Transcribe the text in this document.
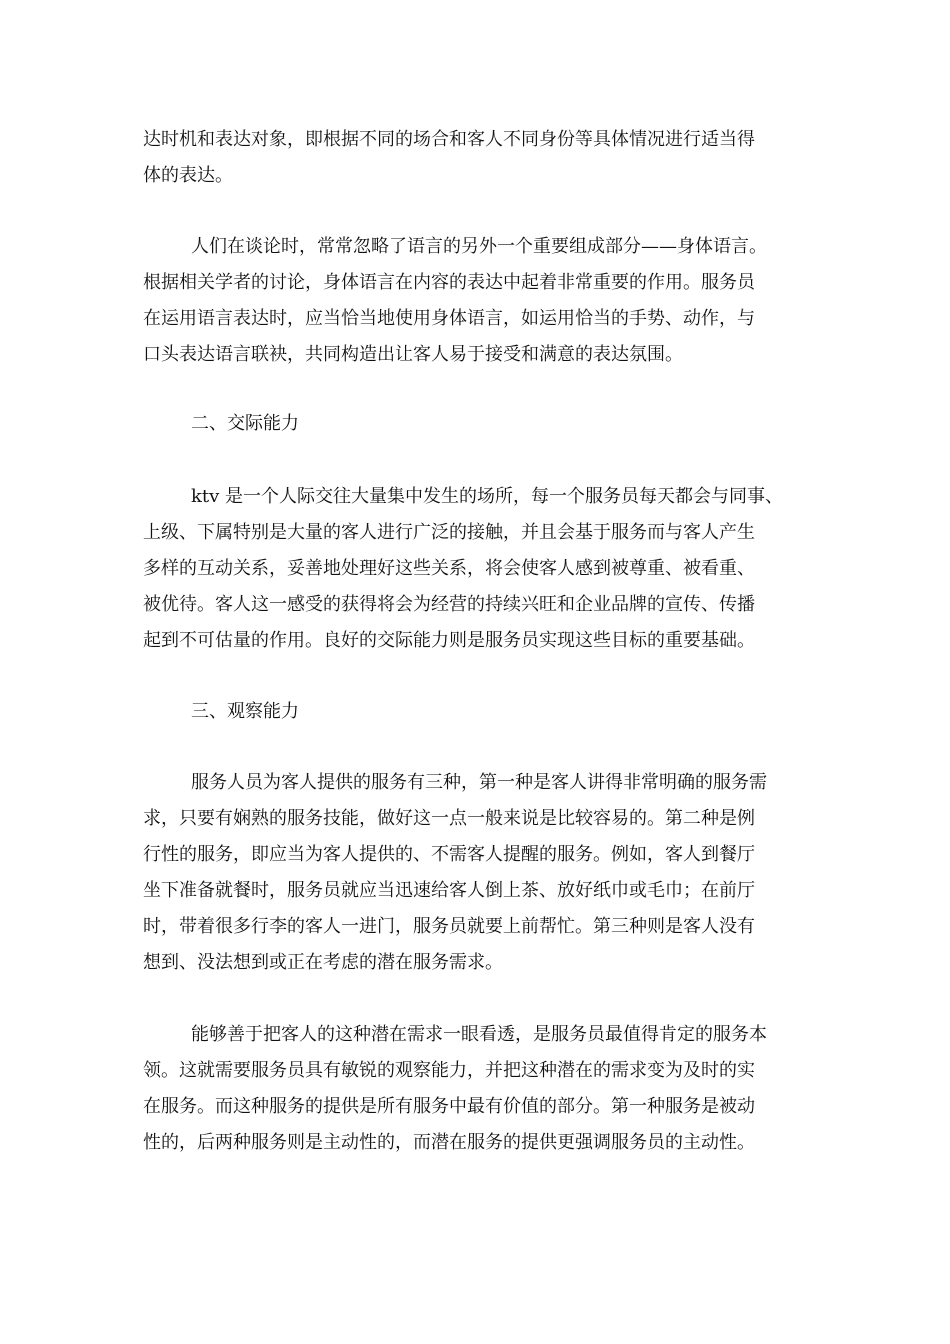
达时机和表达对象，即根据不同的场合和客人不同身份等具体情况进行适当得
体的表达。
人们在谈论时，常常忽略了语言的另外一个重要组成部分——身体语言。
根据相关学者的讨论，身体语言在内容的表达中起着非常重要的作用。服务员
在运用语言表达时，应当恰当地使用身体语言，如运用恰当的手势、动作，与
口头表达语言联袂，共同构造出让客人易于接受和满意的表达氛围。
二、交际能力
ktv 是一个人际交往大量集中发生的场所，每一个服务员每天都会与同事、
上级、下属特别是大量的客人进行广泛的接触，并且会基于服务而与客人产生
多样的互动关系，妥善地处理好这些关系，将会使客人感到被尊重、被看重、
被优待。客人这一感受的获得将会为经营的持续兴旺和企业品牌的宣传、传播
起到不可估量的作用。良好的交际能力则是服务员实现这些目标的重要基础。
三、观察能力
服务人员为客人提供的服务有三种，第一种是客人讲得非常明确的服务需
求，只要有娴熟的服务技能，做好这一点一般来说是比较容易的。第二种是例
行性的服务，即应当为客人提供的、不需客人提醒的服务。例如，客人到餐厅
坐下准备就餐时，服务员就应当迅速给客人倒上茶、放好纸巾或毛巾；在前厅
时，带着很多行李的客人一进门，服务员就要上前帮忙。第三种则是客人没有
想到、没法想到或正在考虑的潜在服务需求。
能够善于把客人的这种潜在需求一眼看透，是服务员最值得肯定的服务本
领。这就需要服务员具有敏锐的观察能力，并把这种潜在的需求变为及时的实
在服务。而这种服务的提供是所有服务中最有价值的部分。第一种服务是被动
性的，后两种服务则是主动性的，而潜在服务的提供更强调服务员的主动性。
